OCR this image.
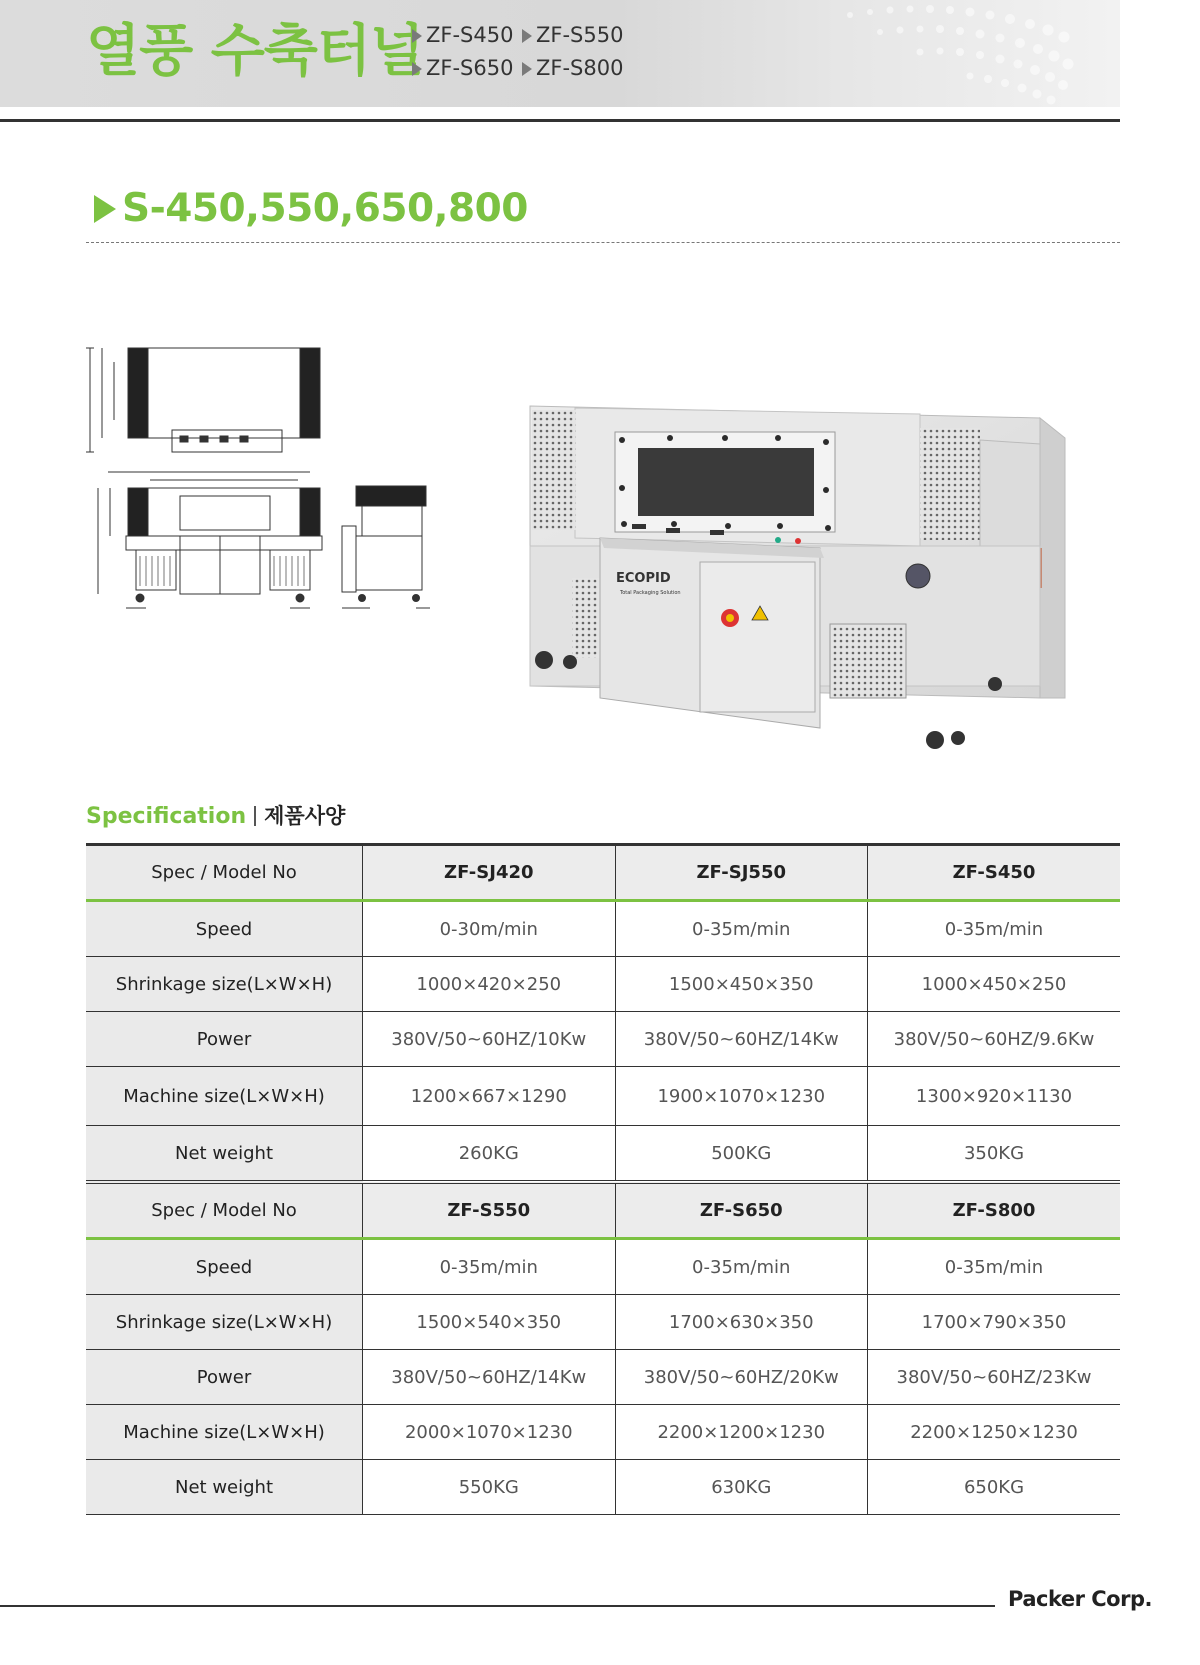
열풍 수축터널 ZF-S450 ZF-S550
ZF-S650 ZF-S800
S-450,550,650,800
ECOPID
Total Packaging Solution
Specification 제품사양
Spec / Model No	ZF-SJ420	ZF-SJ550	ZF-S450
Speed	0-30m/min	0-35m/min	0-35m/min
Shrinkage size(L×W×H)	1000×420×250	1500×450×350	1000×450×250
Power	380V/50~60HZ/10Kw	380V/50~60HZ/14Kw	380V/50~60HZ/9.6Kw
Machine size(L×W×H)	1200×667×1290	1900×1070×1230	1300×920×1130
Net weight	260KG	500KG	350KG
Spec / Model No	ZF-S550	ZF-S650	ZF-S800
Speed	0-35m/min	0-35m/min	0-35m/min
Shrinkage size(L×W×H)	1500×540×350	1700×630×350	1700×790×350
Power	380V/50~60HZ/14Kw	380V/50~60HZ/20Kw	380V/50~60HZ/23Kw
Machine size(L×W×H)	2000×1070×1230	2200×1200×1230	2200×1250×1230
Net weight	550KG	630KG	650KG
Packer Corp.
